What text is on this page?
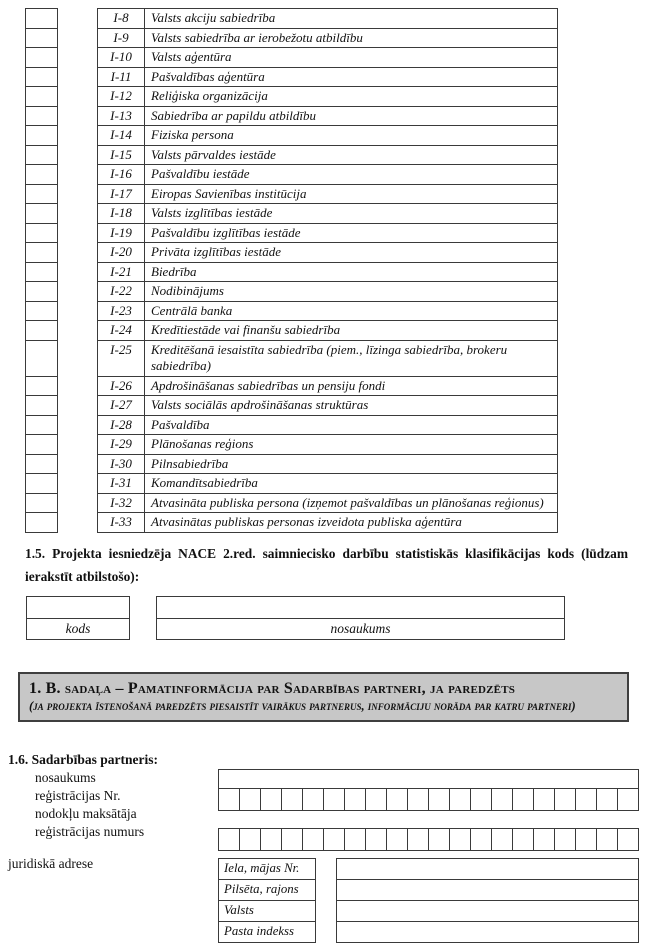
I-8	Valsts akciju sabiedrība
I-9	Valsts sabiedrība ar ierobežotu atbildību
I-10	Valsts aģentūra
I-11	Pašvaldības aģentūra
I-12	Reliģiska organizācija
I-13	Sabiedrība ar papildu atbildību
I-14	Fiziska persona
I-15	Valsts pārvaldes iestāde
I-16	Pašvaldību iestāde
I-17	Eiropas Savienības institūcija
I-18	Valsts izglītības iestāde
I-19	Pašvaldību izglītības iestāde
I-20	Privāta izglītības iestāde
I-21	Biedrība
I-22	Nodibinājums
I-23	Centrālā banka
I-24	Kredītiestāde vai finanšu sabiedrība
I-25	Kreditēšanā iesaistīta sabiedrība (piem., līzinga sabiedrība, brokeru sabiedrība)
I-26	Apdrošināšanas sabiedrības un pensiju fondi
I-27	Valsts sociālās apdrošināšanas struktūras
I-28	Pašvaldība
I-29	Plānošanas reģions
I-30	Pilnsabiedrība
I-31	Komandītsabiedrība
I-32	Atvasināta publiska persona (izņemot pašvaldības un plānošanas reģionus)
I-33	Atvasinātas publiskas personas izveidota publiska aģentūra
1.5. Projekta iesniedzēja NACE 2.red. saimniecisko darbību statistiskās klasifikācijas kods (lūdzam ierakstīt atbilstošo):
kods	nosaukums
1. B. sadaļa – Pamatinformācija par Sadarbības partneri, ja paredzēts
(ja projekta īstenošanā paredzēts piesaistīt vairākus partnerus, informāciju norāda par katru partneri)
1.6. Sadarbības partneris:
nosaukums
reģistrācijas Nr.
nodokļu maksātāja
reģistrācijas numurs
juridiskā adrese	Iela, mājas Nr.
Pilsēta, rajons
Valsts
Pasta indekss
